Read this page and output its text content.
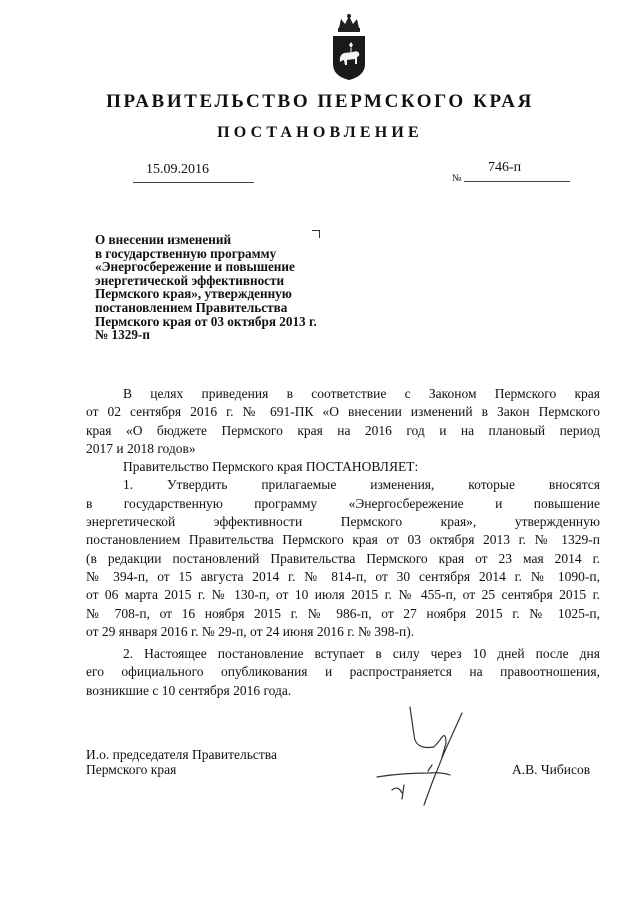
ПРАВИТЕЛЬСТВО ПЕРМСКОГО КРАЯ
ПОСТАНОВЛЕНИЕ
15.09.2016
№
746-п
О внесении изменений
в государственную программу
«Энергосбережение и повышение
энергетической эффективности
Пермского края», утвержденную
постановлением Правительства
Пермского края от 03 октября 2013 г.
№ 1329-п
В целях приведения в соответствие с Законом Пермского края
от 02 сентября 2016 г. № 691-ПК «О внесении изменений в Закон Пермского
края «О бюджете Пермского края на 2016 год и на плановый период
2017 и 2018 годов»
Правительство Пермского края ПОСТАНОВЛЯЕТ:
1. Утвердить прилагаемые изменения, которые вносятся
в государственную программу «Энергосбережение и повышение
энергетической эффективности Пермского края», утвержденную
постановлением Правительства Пермского края от 03 октября 2013 г. № 1329-п
(в редакции постановлений Правительства Пермского края от 23 мая 2014 г.
№ 394-п, от 15 августа 2014 г. № 814-п, от 30 сентября 2014 г. № 1090-п,
от 06 марта 2015 г. № 130-п, от 10 июля 2015 г. № 455-п, от 25 сентября 2015 г.
№ 708-п, от 16 ноября 2015 г. № 986-п, от 27 ноября 2015 г. № 1025-п,
от 29 января 2016 г. № 29-п, от 24 июня 2016 г. № 398-п).
2. Настоящее постановление вступает в силу через 10 дней после дня
его официального опубликования и распространяется на правоотношения,
возникшие с 10 сентября 2016 года.
И.о. председателя Правительства
Пермского края	А.В. Чибисов
